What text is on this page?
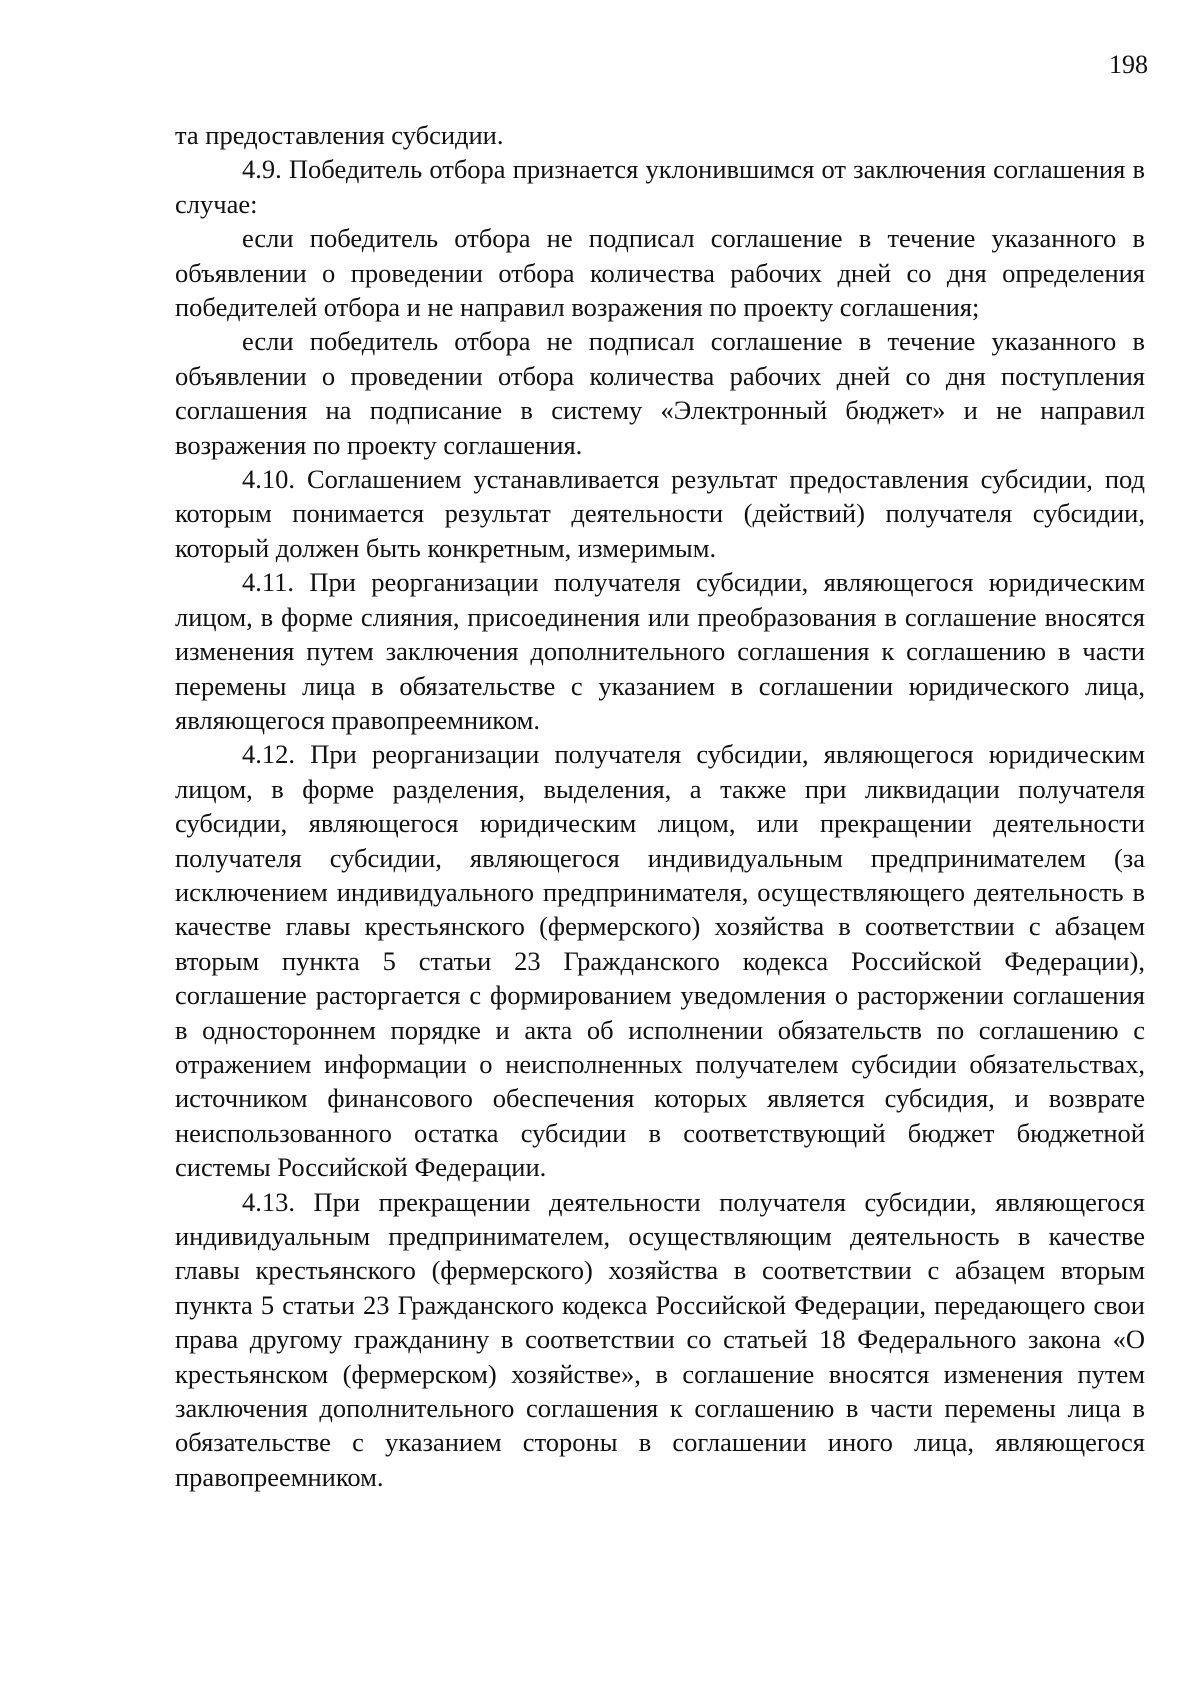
198

та предоставления субсидии.

4.9. Победитель отбора признается уклонившимся от заключения соглашения в случае:

если победитель отбора не подписал соглашение в течение указанного в объявлении о проведении отбора количества рабочих дней со дня определения победителей отбора и не направил возражения по проекту соглашения;

если победитель отбора не подписал соглашение в течение указанного в объявлении о проведении отбора количества рабочих дней со дня поступления соглашения на подписание в систему «Электронный бюджет» и не направил возражения по проекту соглашения.

4.10. Соглашением устанавливается результат предоставления субсидии, под которым понимается результат деятельности (действий) получателя субсидии, который должен быть конкретным, измеримым.

4.11. При реорганизации получателя субсидии, являющегося юридическим лицом, в форме слияния, присоединения или преобразования в соглашение вносятся изменения путем заключения дополнительного соглашения к соглашению в части перемены лица в обязательстве с указанием в соглашении юридического лица, являющегося правопреемником.

4.12. При реорганизации получателя субсидии, являющегося юридическим лицом, в форме разделения, выделения, а также при ликвидации получателя субсидии, являющегося юридическим лицом, или прекращении деятельности получателя субсидии, являющегося индивидуальным предпринимателем (за исключением индивидуального предпринимателя, осуществляющего деятельность в качестве главы крестьянского (фермерского) хозяйства в соответствии с абзацем вторым пункта 5 статьи 23 Гражданского кодекса Российской Федерации), соглашение расторгается с формированием уведомления о расторжении соглашения в одностороннем порядке и акта об исполнении обязательств по соглашению с отражением информации о неисполненных получателем субсидии обязательствах, источником финансового обеспечения которых является субсидия, и возврате неиспользованного остатка субсидии в соответствующий бюджет бюджетной системы Российской Федерации.

4.13. При прекращении деятельности получателя субсидии, являющегося индивидуальным предпринимателем, осуществляющим деятельность в качестве главы крестьянского (фермерского) хозяйства в соответствии с абзацем вторым пункта 5 статьи 23 Гражданского кодекса Российской Федерации, передающего свои права другому гражданину в соответствии со статьей 18 Федерального закона «О крестьянском (фермерском) хозяйстве», в соглашение вносятся изменения путем заключения дополнительного соглашения к соглашению в части перемены лица в обязательстве с указанием стороны в соглашении иного лица, являющегося правопреемником.
